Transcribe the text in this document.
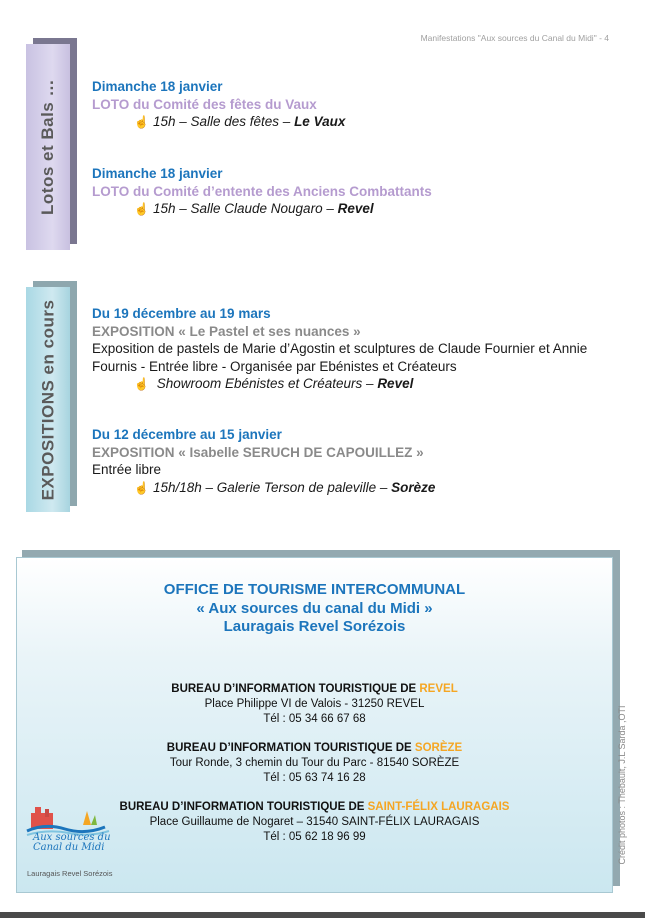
Manifestations "Aux sources du Canal du Midi" - 4
Lotos et Bals …	Dimanche 18 janvier
LOTO du Comité des fêtes du Vaux
☝ 15h – Salle des fêtes – Le Vaux
Dimanche 18 janvier
LOTO du Comité d’entente des Anciens Combattants
☝ 15h – Salle Claude Nougaro – Revel
EXPOSITIONS en cours	Du 19 décembre au 19 mars
EXPOSITION « Le Pastel et ses nuances »
Exposition de pastels de Marie d’Agostin et sculptures de Claude Fournier et Annie Fournis - Entrée libre - Organisée par Ebénistes et Créateurs
☝ Showroom Ebénistes et Créateurs – Revel
Du 12 décembre au 15 janvier
EXPOSITION « Isabelle SERUCH DE CAPOUILLEZ »
Entrée libre
☝ 15h/18h – Galerie Terson de paleville – Sorèze
OFFICE DE TOURISME INTERCOMMUNAL
« Aux sources du canal du Midi »
Lauragais Revel Sorézois
BUREAU D’INFORMATION TOURISTIQUE DE REVEL
Place Philippe VI de Valois - 31250 REVEL
Tél : 05 34 66 67 68
BUREAU D’INFORMATION TOURISTIQUE DE SORÈZE
Tour Ronde, 3 chemin du Tour du Parc - 81540 SORÈZE
Tél : 05 63 74 16 28
BUREAU D’INFORMATION TOURISTIQUE DE SAINT-FÉLIX LAURAGAIS
Place Guillaume de Nogaret – 31540 SAINT-FÉLIX LAURAGAIS
Tél : 05 62 18 96 99
Aux sources du Canal du Midi
Lauragais Revel Sorézois
Crédit photos : Thebault, J.L Sarda ,OTI
